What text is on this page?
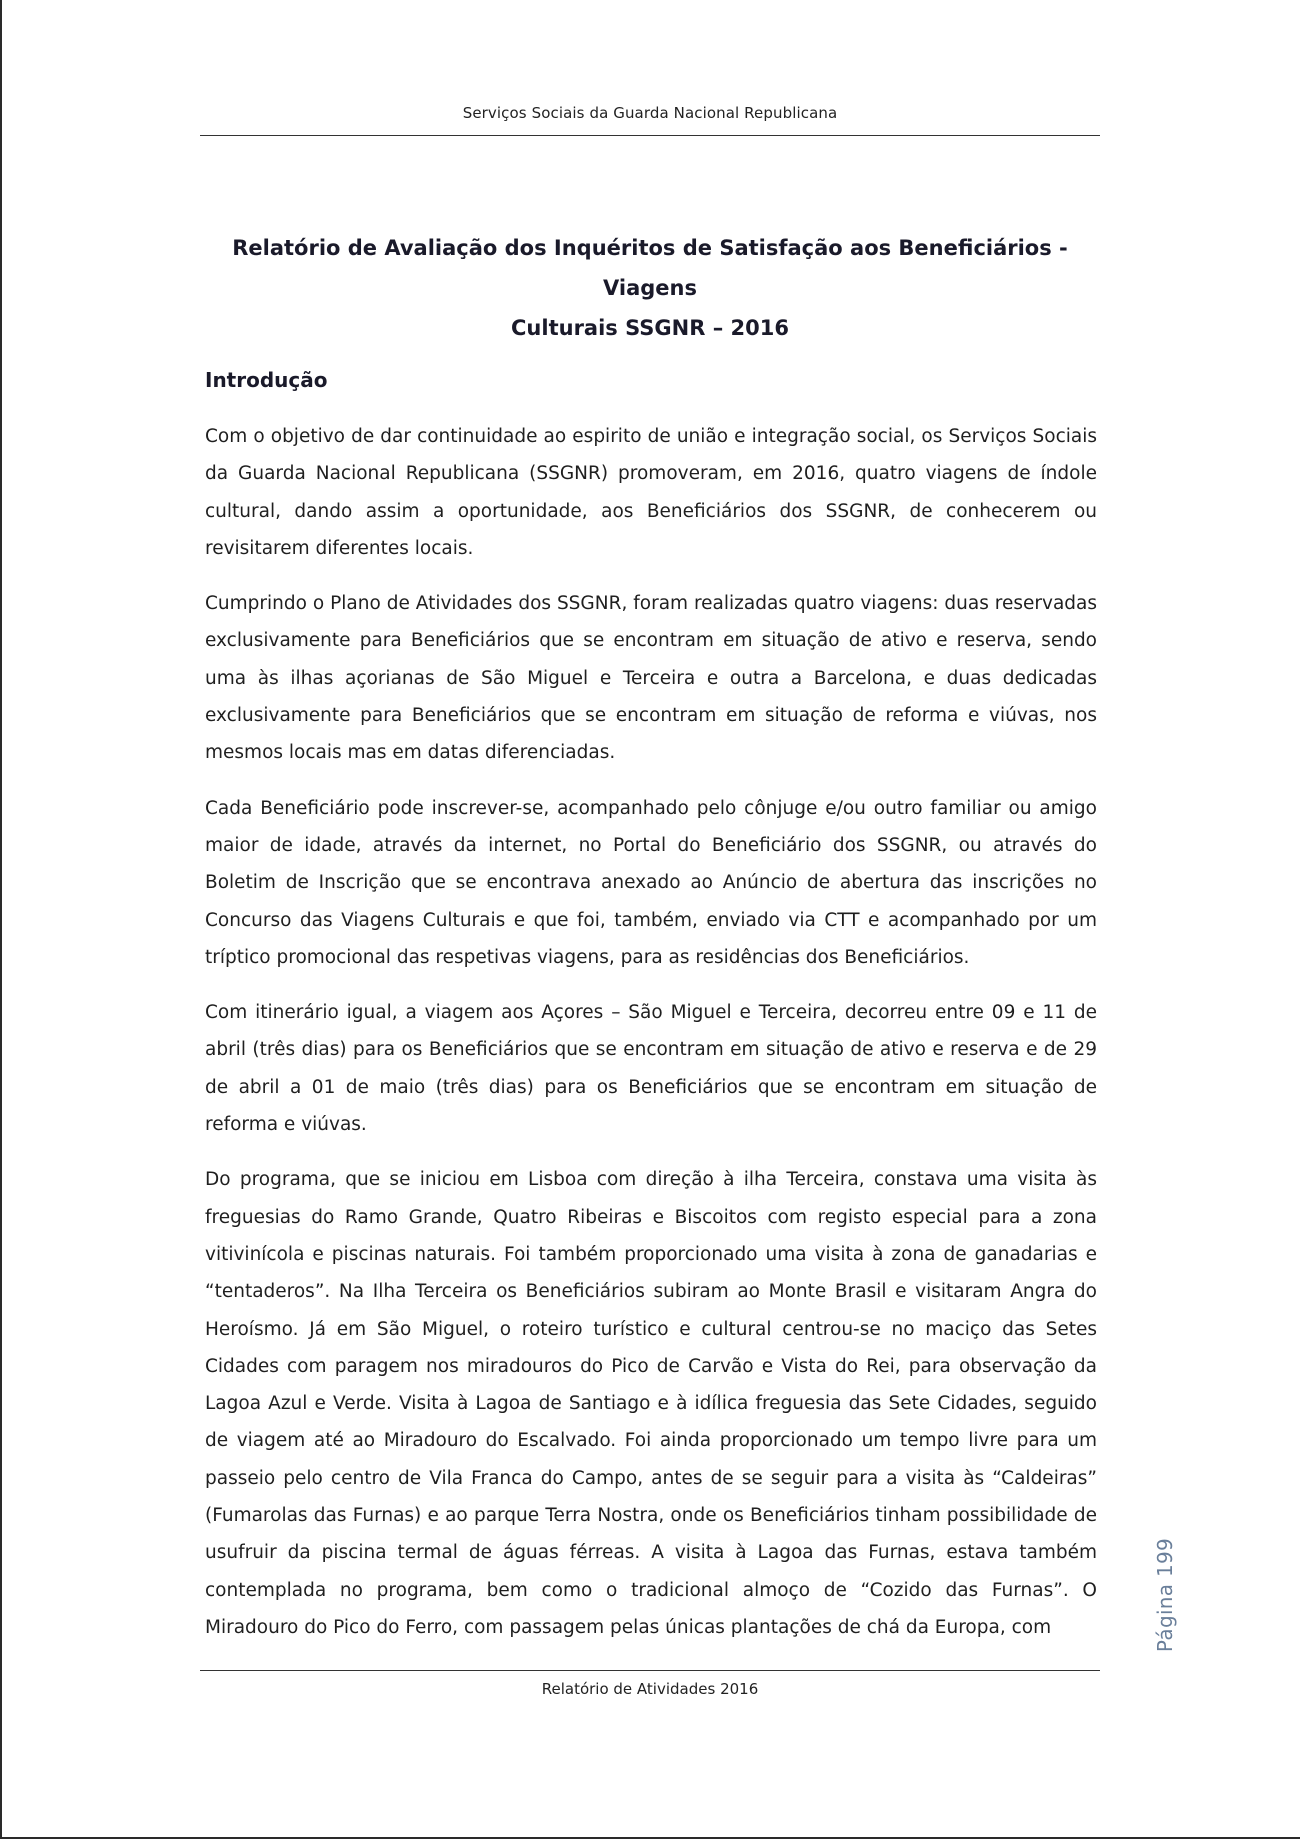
Serviços Sociais da Guarda Nacional Republicana
Relatório de Avaliação dos Inquéritos de Satisfação aos Beneficiários - Viagens
Culturais SSGNR – 2016
Introdução

Com o objetivo de dar continuidade ao espirito de união e integração social, os Serviços Sociais da Guarda Nacional Republicana (SSGNR) promoveram, em 2016, quatro viagens de índole cultural, dando assim a oportunidade, aos Beneficiários dos SSGNR, de conhecerem ou revisitarem diferentes locais.

Cumprindo o Plano de Atividades dos SSGNR, foram realizadas quatro viagens: duas reservadas exclusivamente para Beneficiários que se encontram em situação de ativo e reserva, sendo uma às ilhas açorianas de São Miguel e Terceira e outra a Barcelona, e duas dedicadas exclusivamente para Beneficiários que se encontram em situação de reforma e viúvas, nos mesmos locais mas em datas diferenciadas.

Cada Beneficiário pode inscrever-se, acompanhado pelo cônjuge e/ou outro familiar ou amigo maior de idade, através da internet, no Portal do Beneficiário dos SSGNR, ou através do Boletim de Inscrição que se encontrava anexado ao Anúncio de abertura das inscrições no Concurso das Viagens Culturais e que foi, também, enviado via CTT e acompanhado por um tríptico promocional das respetivas viagens, para as residências dos Beneficiários.

Com itinerário igual, a viagem aos Açores – São Miguel e Terceira, decorreu entre 09 e 11 de abril (três dias) para os Beneficiários que se encontram em situação de ativo e reserva e de 29 de abril a 01 de maio (três dias) para os Beneficiários que se encontram em situação de reforma e viúvas.

Do programa, que se iniciou em Lisboa com direção à ilha Terceira, constava uma visita às freguesias do Ramo Grande, Quatro Ribeiras e Biscoitos com registo especial para a zona vitivinícola e piscinas naturais. Foi também proporcionado uma visita à zona de ganadarias e “tentaderos”. Na Ilha Terceira os Beneficiários subiram ao Monte Brasil e visitaram Angra do Heroísmo. Já em São Miguel, o roteiro turístico e cultural centrou-se no maciço das Setes Cidades com paragem nos miradouros do Pico de Carvão e Vista do Rei, para observação da Lagoa Azul e Verde. Visita à Lagoa de Santiago e à idílica freguesia das Sete Cidades, seguido de viagem até ao Miradouro do Escalvado. Foi ainda proporcionado um tempo livre para um passeio pelo centro de Vila Franca do Campo, antes de se seguir para a visita às “Caldeiras” (Fumarolas das Furnas) e ao parque Terra Nostra, onde os Beneficiários tinham possibilidade de usufruir da piscina termal de águas férreas. A visita à Lagoa das Furnas, estava também contemplada no programa, bem como o tradicional almoço de “Cozido das Furnas”. O Miradouro do Pico do Ferro, com passagem pelas únicas plantações de chá da Europa, com	Página 199
Relatório de Atividades 2016
